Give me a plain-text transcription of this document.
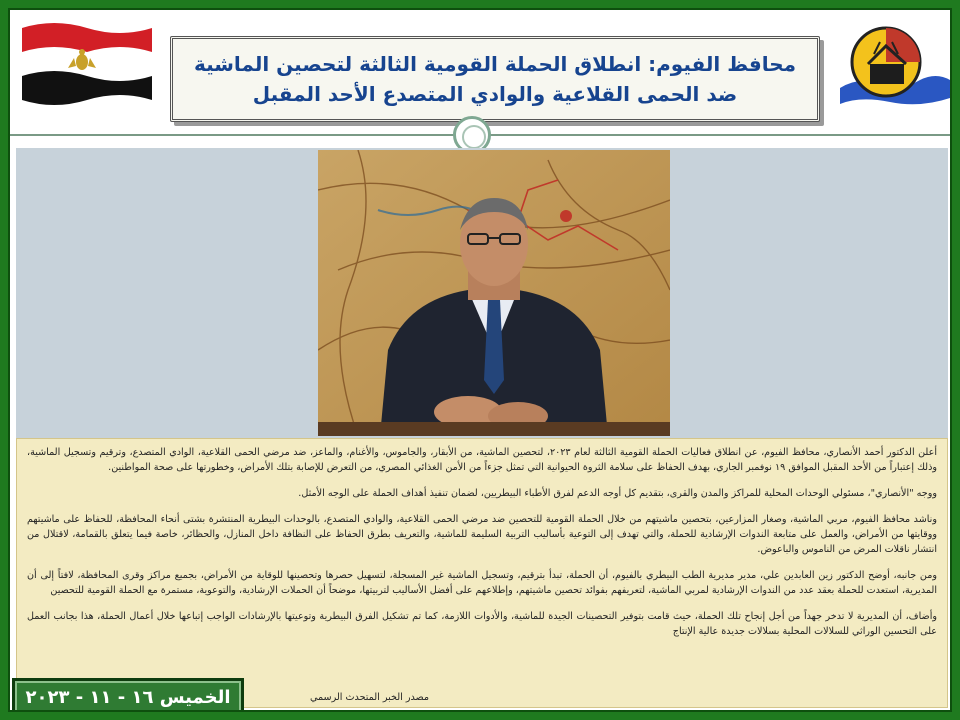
محافظ الفيوم: انطلاق الحملة القومية الثالثة لتحصين الماشية ضد الحمى القلاعية والوادي المتصدع الأحد المقبل

أعلن الدكتور أحمد الأنصاري، محافظ الفيوم، عن انطلاق فعاليات الحملة القومية الثالثة لعام ٢٠٢٣، لتحصين الماشية، من الأبقار، والجاموس، والأغنام، والماعز، ضد مرضي الحمى القلاعية، الوادي المتصدع، وترقيم وتسجيل الماشية، وذلك إعتباراً من الأحد المقبل الموافق ١٩ نوفمبر الجاري، بهدف الحفاظ على سلامة الثروة الحيوانية التي تمثل جزءاً من الأمن الغذائي المصري، من التعرض للإصابة بتلك الأمراض، وخطورتها على صحة المواطنين.

ووجه "الأنصاري"، مسئولي الوحدات المحلية للمراكز والمدن والقرى، بتقديم كل أوجه الدعم لفرق الأطباء البيطريين، لضمان تنفيذ أهداف الحملة على الوجه الأمثل.

وناشد محافظ الفيوم، مربي الماشية، وصغار المزارعين، بتحصين ماشيتهم من خلال الحملة القومية للتحصين ضد مرضي الحمى القلاعية، والوادي المتصدع، بالوحدات البيطرية المنتشرة بشتى أنحاء المحافظة، للحفاظ على ماشيتهم ووقايتها من الأمراض، والعمل على متابعة الندوات الإرشادية للحملة، والتي تهدف إلى التوعية بأساليب التربية السليمة للماشية، والتعريف بطرق الحفاظ على النظافة داخل المنازل، والحظائر، خاصة فيما يتعلق بالقمامة، لاقتلال من انتشار ناقلات المرض من الناموس والباعوض.

ومن جانبه، أوضح الدكتور زين العابدين علي، مدير مديرية الطب البيطري بالفيوم، أن الحملة، تبدأ بترقيم، وتسجيل الماشية غير المسجلة، لتسهيل حصرها وتحصينها للوقاية من الأمراض، بجميع مراكز وقرى المحافظة، لافتاً إلى أن المديرية، استعدت للحملة بعقد عدد من الندوات الإرشادية لمربي الماشية، لتعريفهم بفوائد تحصين ماشيتهم، وإطلاعهم على أفضل الأساليب لتربيتها، موضحاً أن الحملات الإرشادية، والتوعوية، مستمرة مع الحملة القومية للتحصين

وأضاف، أن المديرية لا تدخر جهداً من أجل إنجاح تلك الحملة، حيث قامت بتوفير التحصينات الجيدة للماشية، والأدوات اللازمة، كما تم تشكيل الفرق البيطرية وتوعيتها بالإرشادات الواجب إتباعها خلال أعمال الحملة، هذا بجانب العمل على التحسين الوراثي للسلالات المحلية بسلالات جديدة عالية الإنتاج

مصدر الخبر المتحدث الرسمي
الخميس ١٦ - ١١ - ٢٠٢٣
